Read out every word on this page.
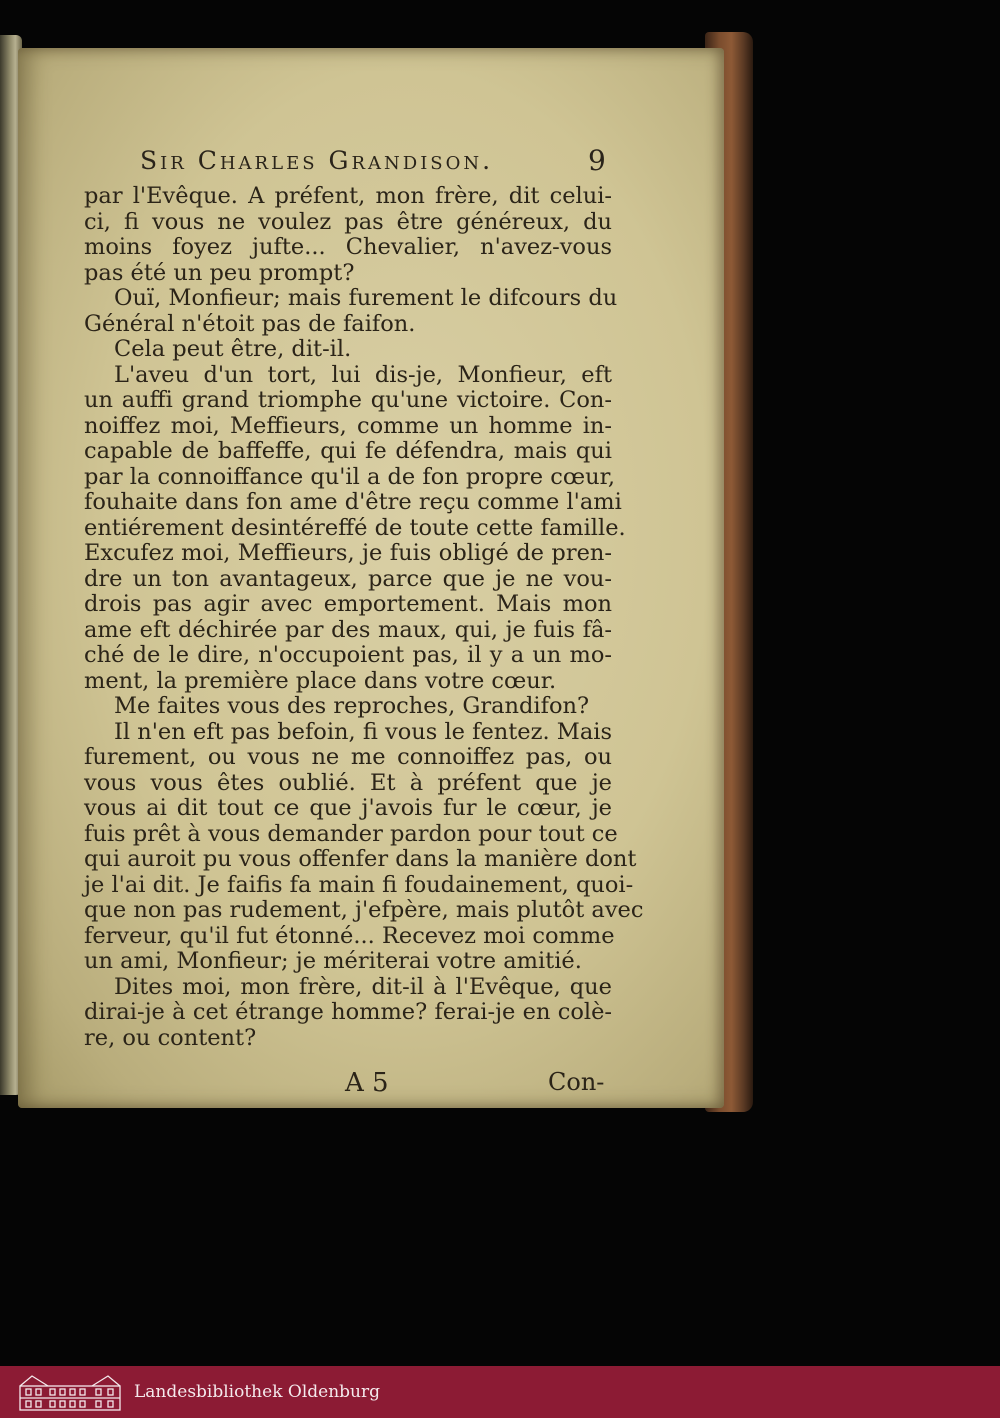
Sir Charles Grandison.	9
par l'Evêque. A préfent, mon frère, dit celui-
ci, fi vous ne voulez pas être généreux, du
moins foyez jufte... Chevalier, n'avez-vous
pas été un peu prompt?
Ouï, Monfieur; mais furement le difcours du
Général n'étoit pas de faifon.
Cela peut être, dit-il.
L'aveu d'un tort, lui dis-je, Monfieur, eft
un auffi grand triomphe qu'une victoire. Con-
noiffez moi, Meffieurs, comme un homme in-
capable de baffeffe, qui fe défendra, mais qui
par la connoiffance qu'il a de fon propre cœur,
fouhaite dans fon ame d'être reçu comme l'ami
entiérement desintéreffé de toute cette famille.
Excufez moi, Meffieurs, je fuis obligé de pren-
dre un ton avantageux, parce que je ne vou-
drois pas agir avec emportement. Mais mon
ame eft déchirée par des maux, qui, je fuis fâ-
ché de le dire, n'occupoient pas, il y a un mo-
ment, la première place dans votre cœur.
Me faites vous des reproches, Grandifon?
Il n'en eft pas befoin, fi vous le fentez. Mais
furement, ou vous ne me connoiffez pas, ou
vous vous êtes oublié. Et à préfent que je
vous ai dit tout ce que j'avois fur le cœur, je
fuis prêt à vous demander pardon pour tout ce
qui auroit pu vous offenfer dans la manière dont
je l'ai dit. Je faifis fa main fi foudainement, quoi-
que non pas rudement, j'efpère, mais plutôt avec
ferveur, qu'il fut étonné... Recevez moi comme
un ami, Monfieur; je mériterai votre amitié.
Dites moi, mon frère, dit-il à l'Evêque, que
dirai-je à cet étrange homme? ferai-je en colè-
re, ou content?
A 5	Con-
Landesbibliothek Oldenburg
